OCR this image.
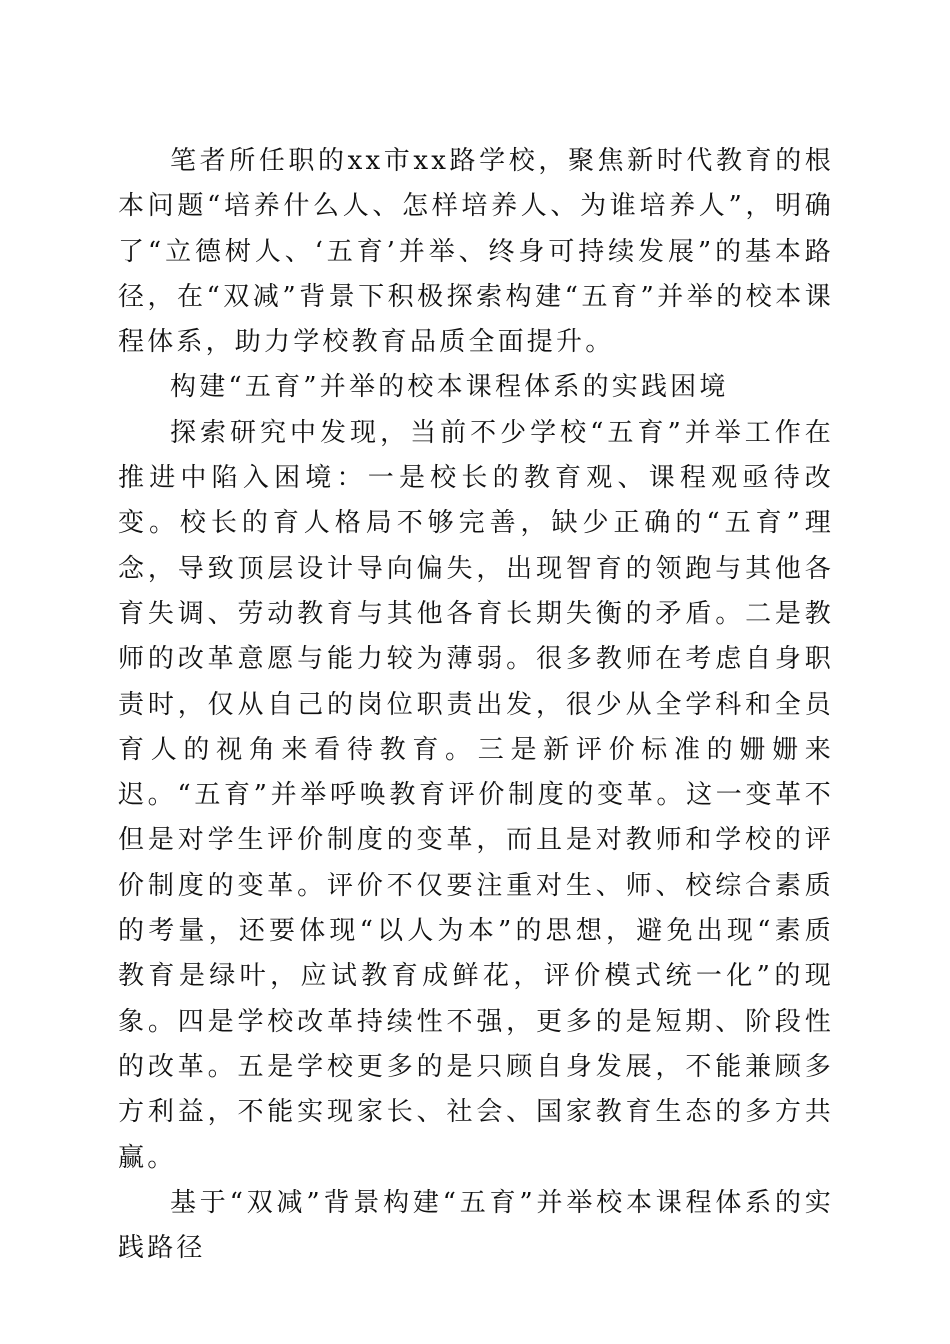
笔者所任职的xx市xx路学校，聚焦新时代教育的根本问题“培养什么人、怎样培养人、为谁培养人”，明确了“立德树人、‘五育’并举、终身可持续发展”的基本路径，在“双减”背景下积极探索构建“五育”并举的校本课程体系，助力学校教育品质全面提升。

构建“五育”并举的校本课程体系的实践困境

探索研究中发现，当前不少学校“五育”并举工作在推进中陷入困境：一是校长的教育观、课程观亟待改变。校长的育人格局不够完善，缺少正确的“五育”理念，导致顶层设计导向偏失，出现智育的领跑与其他各育失调、劳动教育与其他各育长期失衡的矛盾。二是教师的改革意愿与能力较为薄弱。很多教师在考虑自身职责时，仅从自己的岗位职责出发，很少从全学科和全员育人的视角来看待教育。三是新评价标准的姗姗来迟。“五育”并举呼唤教育评价制度的变革。这一变革不但是对学生评价制度的变革，而且是对教师和学校的评价制度的变革。评价不仅要注重对生、师、校综合素质的考量，还要体现“以人为本”的思想，避免出现“素质教育是绿叶，应试教育成鲜花，评价模式统一化”的现象。四是学校改革持续性不强，更多的是短期、阶段性的改革。五是学校更多的是只顾自身发展，不能兼顾多方利益，不能实现家长、社会、国家教育生态的多方共赢。

基于“双减”背景构建“五育”并举校本课程体系的实践路径
